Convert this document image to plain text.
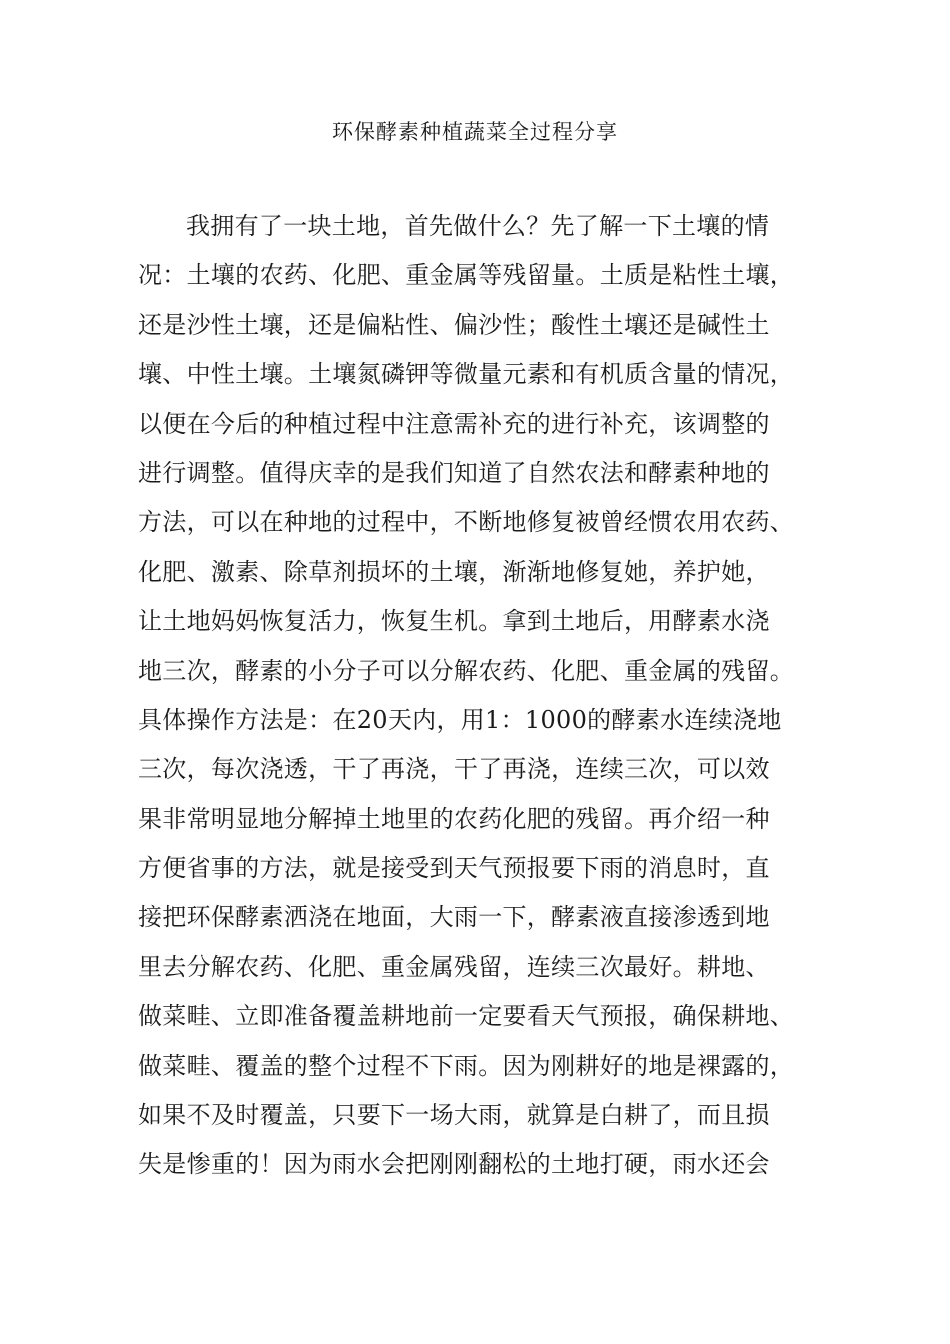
环保酵素种植蔬菜全过程分享
我拥有了一块土地，首先做什么？先了解一下土壤的情
况：土壤的农药、化肥、重金属等残留量。土质是粘性土壤，
还是沙性土壤，还是偏粘性、偏沙性；酸性土壤还是碱性土
壤、中性土壤。土壤氮磷钾等微量元素和有机质含量的情况，
以便在今后的种植过程中注意需补充的进行补充，该调整的
进行调整。值得庆幸的是我们知道了自然农法和酵素种地的
方法，可以在种地的过程中，不断地修复被曾经惯农用农药、
化肥、激素、除草剂损坏的土壤，渐渐地修复她，养护她，
让土地妈妈恢复活力，恢复生机。拿到土地后，用酵素水浇
地三次，酵素的小分子可以分解农药、化肥、重金属的残留。
具体操作方法是：在20天内，用1：1000的酵素水连续浇地
三次，每次浇透，干了再浇，干了再浇，连续三次，可以效
果非常明显地分解掉土地里的农药化肥的残留。再介绍一种
方便省事的方法，就是接受到天气预报要下雨的消息时，直
接把环保酵素洒浇在地面，大雨一下，酵素液直接渗透到地
里去分解农药、化肥、重金属残留，连续三次最好。耕地、
做菜畦、立即准备覆盖耕地前一定要看天气预报，确保耕地、
做菜畦、覆盖的整个过程不下雨。因为刚耕好的地是裸露的，
如果不及时覆盖，只要下一场大雨，就算是白耕了，而且损
失是惨重的！因为雨水会把刚刚翻松的土地打硬，雨水还会
